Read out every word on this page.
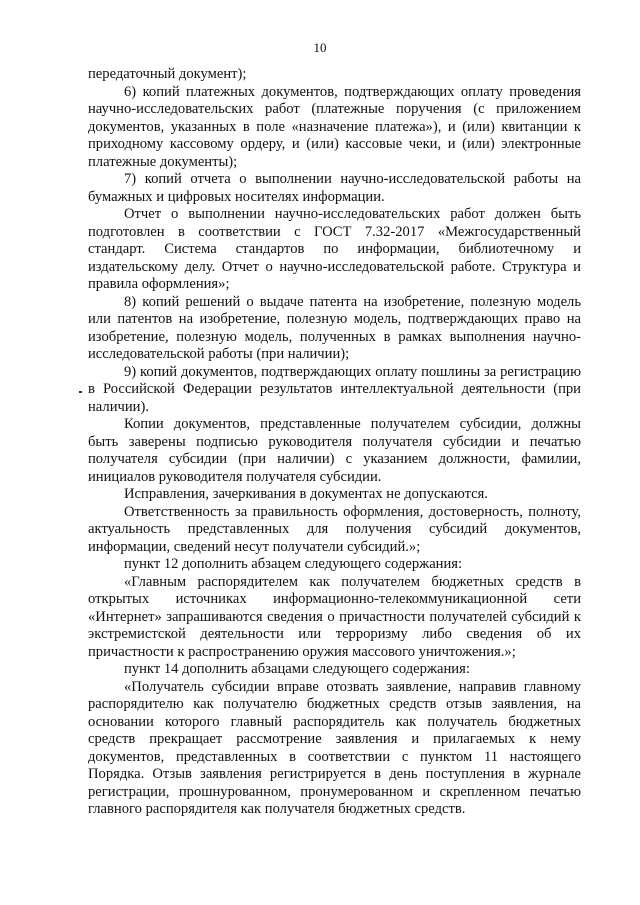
10

передаточный документ);

6) копий платежных документов, подтверждающих оплату проведения научно-исследовательских работ (платежные поручения (с приложением документов, указанных в поле «назначение платежа»), и (или) квитанции к приходному кассовому ордеру, и (или) кассовые чеки, и (или) электронные платежные документы);

7) копий отчета о выполнении научно-исследовательской работы на бумажных и цифровых носителях информации.

Отчет о выполнении научно-исследовательских работ должен быть подготовлен в соответствии с ГОСТ 7.32-2017 «Межгосударственный стандарт. Система стандартов по информации, библиотечному и издательскому делу. Отчет о научно-исследовательской работе. Структура и правила оформления»;

8) копий решений о выдаче патента на изобретение, полезную модель или патентов на изобретение, полезную модель, подтверждающих право на изобретение, полезную модель, полученных в рамках выполнения научно-исследовательской работы (при наличии);

9) копий документов, подтверждающих оплату пошлины за регистрацию в Российской Федерации результатов интеллектуальной деятельности (при наличии).

Копии документов, представленные получателем субсидии, должны быть заверены подписью руководителя получателя субсидии и печатью получателя субсидии (при наличии) с указанием должности, фамилии, инициалов руководителя получателя субсидии.

Исправления, зачеркивания в документах не допускаются.

Ответственность за правильность оформления, достоверность, полноту, актуальность представленных для получения субсидий документов, информации, сведений несут получатели субсидий.»;

пункт 12 дополнить абзацем следующего содержания:

«Главным распорядителем как получателем бюджетных средств в открытых источниках информационно-телекоммуникационной сети «Интернет» запрашиваются сведения о причастности получателей субсидий к экстремистской деятельности или терроризму либо сведения об их причастности к распространению оружия массового уничтожения.»;

пункт 14 дополнить абзацами следующего содержания:

«Получатель субсидии вправе отозвать заявление, направив главному распорядителю как получателю бюджетных средств отзыв заявления, на основании которого главный распорядитель как получатель бюджетных средств прекращает рассмотрение заявления и прилагаемых к нему документов, представленных в соответствии с пунктом 11 настоящего Порядка. Отзыв заявления регистрируется в день поступления в журнале регистрации, прошнурованном, пронумерованном и скрепленном печатью главного распорядителя как получателя бюджетных средств.
